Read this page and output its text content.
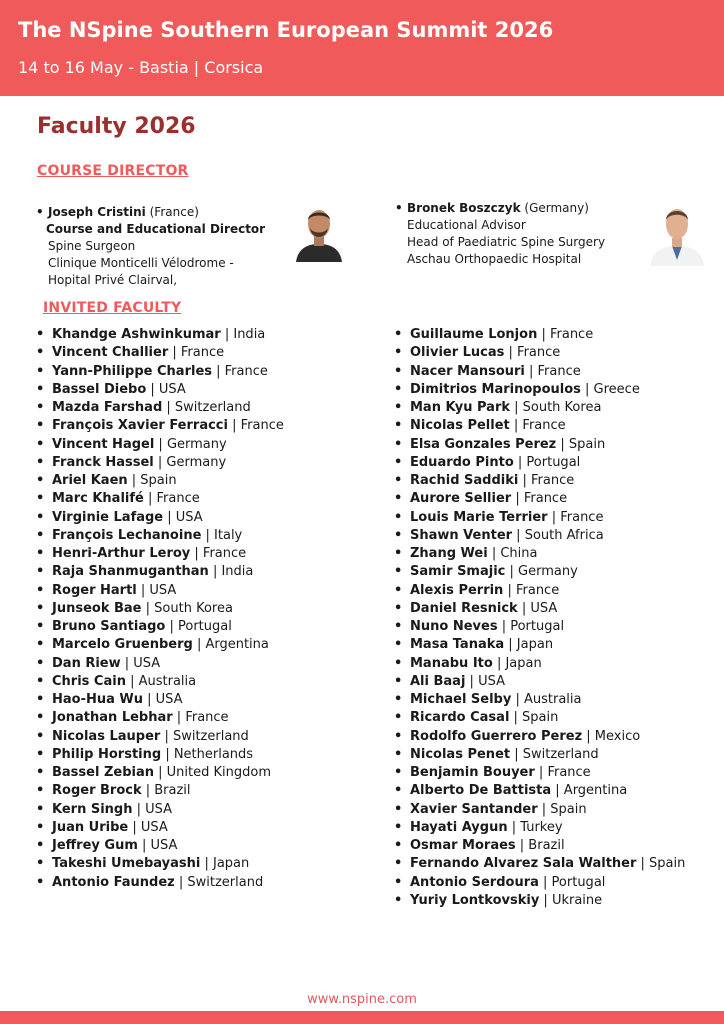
The NSpine Southern European Summit 2026
14 to 16 May - Bastia | Corsica
Faculty 2026
COURSE DIRECTOR
• Joseph Cristini (France)
Course and Educational Director
Spine Surgeon
Clinique Monticelli Vélodrome -
Hopital Privé Clairval,
• Bronek Boszczyk (Germany)
Educational Advisor
Head of Paediatric Spine Surgery
Aschau Orthopaedic Hospital
INVITED FACULTY
• Khandge Ashwinkumar | India
• Vincent Challier | France
• Yann-Philippe Charles | France
• Bassel Diebo | USA
• Mazda Farshad | Switzerland
• François Xavier Ferracci | France
• Vincent Hagel | Germany
• Franck Hassel | Germany
• Ariel Kaen | Spain
• Marc Khalifé | France
• Virginie Lafage | USA
• François Lechanoine | Italy
• Henri-Arthur Leroy | France
• Raja Shanmuganthan | India
• Roger Hartl | USA
• Junseok Bae | South Korea
• Bruno Santiago | Portugal
• Marcelo Gruenberg | Argentina
• Dan Riew | USA
• Chris Cain | Australia
• Hao-Hua Wu | USA
• Jonathan Lebhar | France
• Nicolas Lauper | Switzerland
• Philip Horsting | Netherlands
• Bassel Zebian | United Kingdom
• Roger Brock | Brazil
• Kern Singh | USA
• Juan Uribe | USA
• Jeffrey Gum | USA
• Takeshi Umebayashi | Japan
• Antonio Faundez | Switzerland
• Guillaume Lonjon | France
• Olivier Lucas | France
• Nacer Mansouri | France
• Dimitrios Marinopoulos | Greece
• Man Kyu Park | South Korea
• Nicolas Pellet | France
• Elsa Gonzales Perez | Spain
• Eduardo Pinto | Portugal
• Rachid Saddiki | France
• Aurore Sellier | France
• Louis Marie Terrier | France
• Shawn Venter | South Africa
• Zhang Wei | China
• Samir Smajic | Germany
• Alexis Perrin | France
• Daniel Resnick | USA
• Nuno Neves | Portugal
• Masa Tanaka | Japan
• Manabu Ito | Japan
• Ali Baaj | USA
• Michael Selby | Australia
• Ricardo Casal | Spain
• Rodolfo Guerrero Perez | Mexico
• Nicolas Penet | Switzerland
• Benjamin Bouyer | France
• Alberto De Battista | Argentina
• Xavier Santander | Spain
• Hayati Aygun | Turkey
• Osmar Moraes | Brazil
• Fernando Alvarez Sala Walther | Spain
• Antonio Serdoura | Portugal
• Yuriy Lontkovskiy | Ukraine
www.nspine.com
